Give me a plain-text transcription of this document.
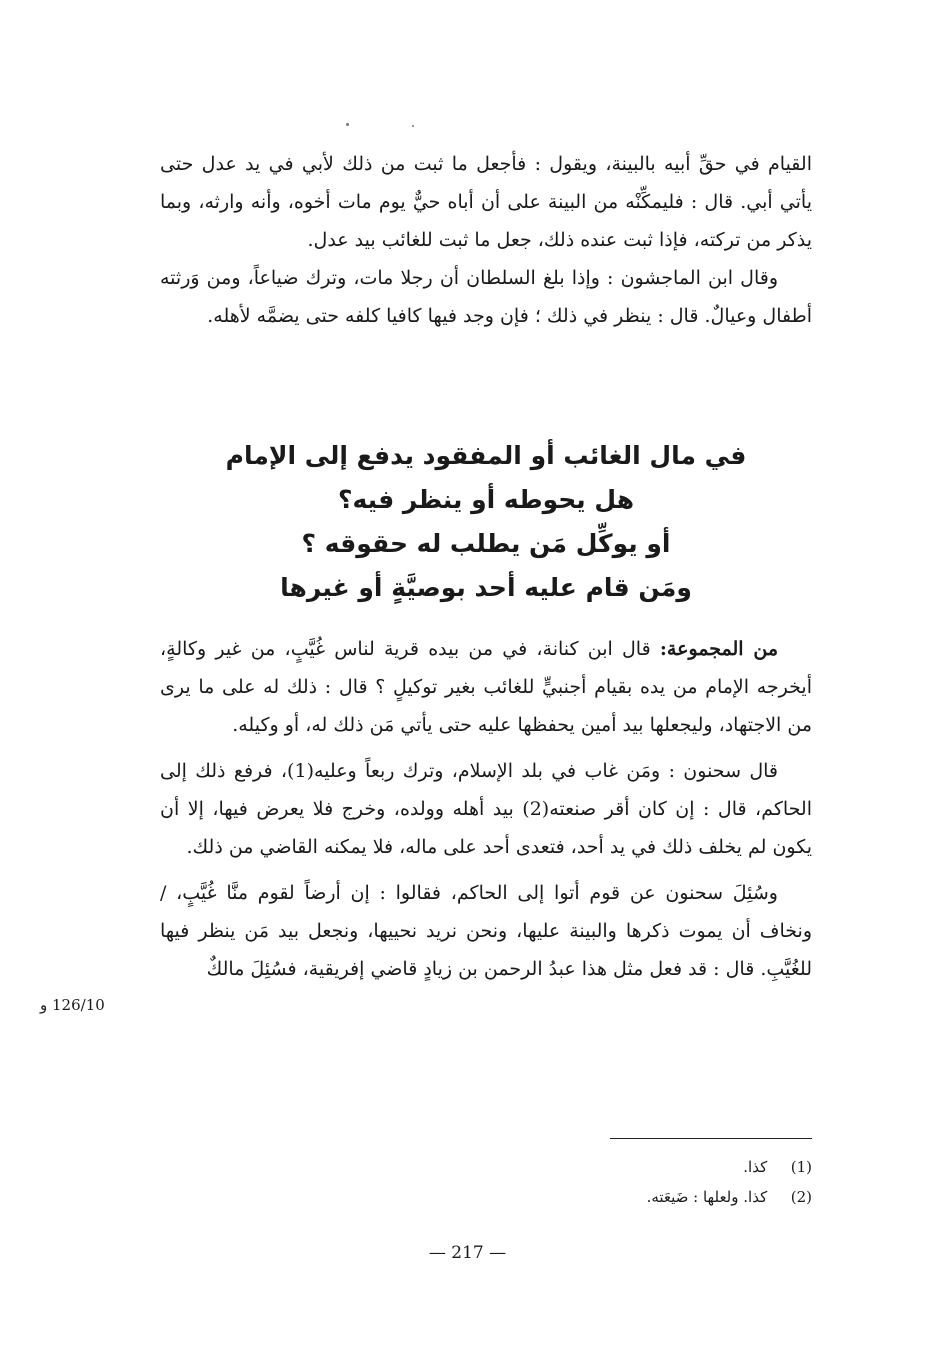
القيام في حقِّ أبيه بالبينة، ويقول : فأجعل ما ثبت من ذلك لأبي في يد عدل حتى يأتي أبي. قال : فليمكِّنْه من البينة على أن أباه حيٌّ يوم مات أخوه، وأنه وارثه، وبما يذكر من تركته، فإذا ثبت عنده ذلك، جعل ما ثبت للغائب بيد عدل.

وقال ابن الماجشون : وإذا بلغ السلطان أن رجلا مات، وترك ضياعاً، ومن وَرثته أطفال وعيالٌ. قال : ينظر في ذلك ؛ فإن وجد فيها كافيا كلفه حتى يضمَّه لأهله.

في مال الغائب أو المفقود يدفع إلى الإمام
هل يحوطه أو ينظر فيه؟
أو يوكِّل مَن يطلب له حقوقه ؟
ومَن قام عليه أحد بوصيَّةٍ أو غيرها

من المجموعة: قال ابن كنانة، في من بيده قرية لناس غُيَّبٍ، من غير وكالةٍ، أيخرجه الإمام من يده بقيام أجنبيٍّ للغائب بغير توكيلٍ ؟ قال : ذلك له على ما يرى من الاجتهاد، وليجعلها بيد أمين يحفظها عليه حتى يأتي مَن ذلك له، أو وكيله.

قال سحنون : ومَن غاب في بلد الإسلام، وترك ربعاً وعليه(1)، فرفع ذلك إلى الحاكم، قال : إن كان أقر صنعته(2) بيد أهله وولده، وخرج فلا يعرض فيها، إلا أن يكون لم يخلف ذلك في يد أحد، فتعدى أحد على ماله، فلا يمكنه القاضي من ذلك.

وسُئِلَ سحنون عن قوم أتوا إلى الحاكم، فقالوا : إن أرضاً لقوم منَّا غُيَّبٍ، / ونخاف أن يموت ذكرها والبينة عليها، ونحن نريد نحييها، ونجعل بيد مَن ينظر فيها للغُيَّبِ. قال : قد فعل مثل هذا عبدُ الرحمن بن زيادٍ قاضي إفريقية، فسُئِلَ مالكٌ

126/10 و
(1) كذا.
(2) كذا. ولعلها : ضَيعَته.
— 217 —
